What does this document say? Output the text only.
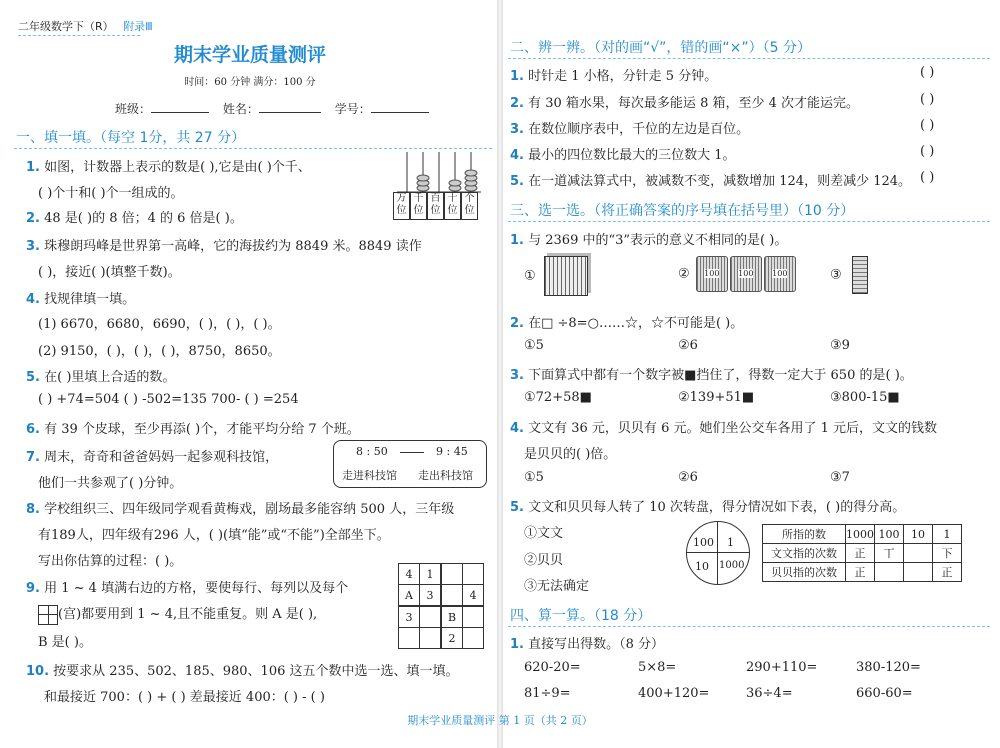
二年级数学下（R） 附录Ⅲ
期末学业质量测评
时间：60 分钟 满分：100 分
班级：	姓名：	学号：
一、填一填。（每空 1分，共 27 分）
1. 如图，计数器上表示的数是( ),它是由( )个千、
( )个十和( )个一组成的。	万位
千位
百位
十位
个位
2. 48 是( )的 8 倍；4 的 6 倍是( )。
3. 珠穆朗玛峰是世界第一高峰，它的海拔约为 8849 米。8849 读作
( )，接近( )(填整千数)。
4. 找规律填一填。
(1) 6670，6680，6690，( )，( )，( )。
(2) 9150，( )，( )，( )，8750，8650。
5. 在( )里填上合适的数。
( ) +74=504 ( ) -502=135 700- ( ) =254
6. 有 39 个皮球，至少再添( )个，才能平均分给 7 个班。
7. 周末，奇奇和爸爸妈妈一起参观科技馆，
他们一共参观了( )分钟。
8 : 50	9 : 45
走进科技馆 走出科技馆
8. 学校组织三、四年级同学观看黄梅戏，剧场最多能容纳 500 人，三年级
有189人，四年级有296 人，( )(填“能”或“不能”)全部坐下。
写出你估算的过程：( )。
9. 用 1 ~ 4 填满右边的方格，要使每行、每列以及每个
(宫)都要用到 1 ~ 4,且不能重复。则 A 是( ),
B 是( )。
4	1		
A	3		4
3		B	
		2	
10. 按要求从 235、502、185、980、106 这五个数中选一选、填一填。
和最接近 700：( ) + ( ) 差最接近 400：( ) - ( )
二、辨一辨。（对的画“√”，错的画“×”）（5 分）
1. 时针走 1 小格，分针走 5 分钟。	( )
2. 有 30 箱水果，每次最多能运 8 箱，至少 4 次才能运完。	( )
3. 在数位顺序表中，千位的左边是百位。	( )
4. 最小的四位数比最大的三位数大 1。	( )
5. 在一道减法算式中，被减数不变，减数增加 124，则差减少 124。 ( )
三、选一选。（将正确答案的序号填在括号里）（10 分）
1. 与 2369 中的“3”表示的意义不相同的是( )。
①	②	100	100	100	③
2. 在□ ÷8=○……☆，☆不可能是( )。
①5	②6	③9
3. 下面算式中都有一个数字被■挡住了，得数一定大于 650 的是( )。
①72+58■	②139+51■	③800-15■
4. 文文有 36 元，贝贝有 6 元。她们坐公交车各用了 1 元后，文文的钱数
是贝贝的( )倍。
①5	②6	③7
5. 文文和贝贝每人转了 10 次转盘，得分情况如下表，( )的得分高。
①文文
②贝贝
③无法确定
100 1
10 1000
所指的数	1000	100	10	1
文文指的次数	正	丅		下
贝贝指的次数	正			正
四、算一算。（18 分）
1. 直接写出得数。（8 分）
620-20=	5×8=	290+110=	380-120=
81÷9=	400+120=	36÷4=	660-60=
期末学业质量测评 第 1 页（共 2 页）
